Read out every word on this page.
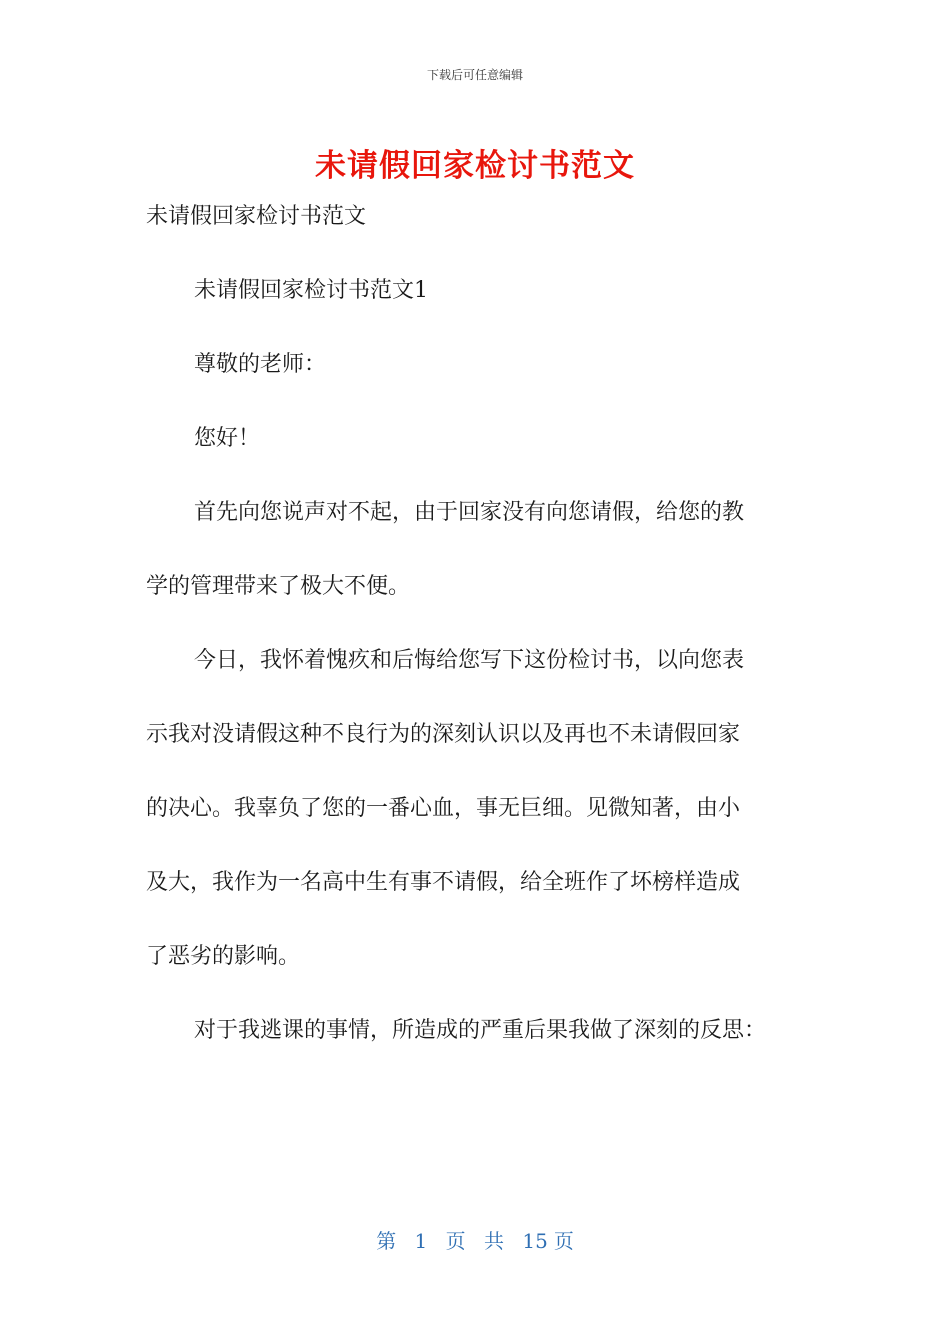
下载后可任意编辑
未请假回家检讨书范文

未请假回家检讨书范文

未请假回家检讨书范文1

尊敬的老师：

您好！

首先向您说声对不起，由于回家没有向您请假，给您的教

学的管理带来了极大不便。

今日，我怀着愧疚和后悔给您写下这份检讨书，以向您表

示我对没请假这种不良行为的深刻认识以及再也不未请假回家

的决心。我辜负了您的一番心血，事无巨细。见微知著，由小

及大，我作为一名高中生有事不请假，给全班作了坏榜样造成

了恶劣的影响。

对于我逃课的事情，所造成的严重后果我做了深刻的反思：

第 1 页 共 15 页
